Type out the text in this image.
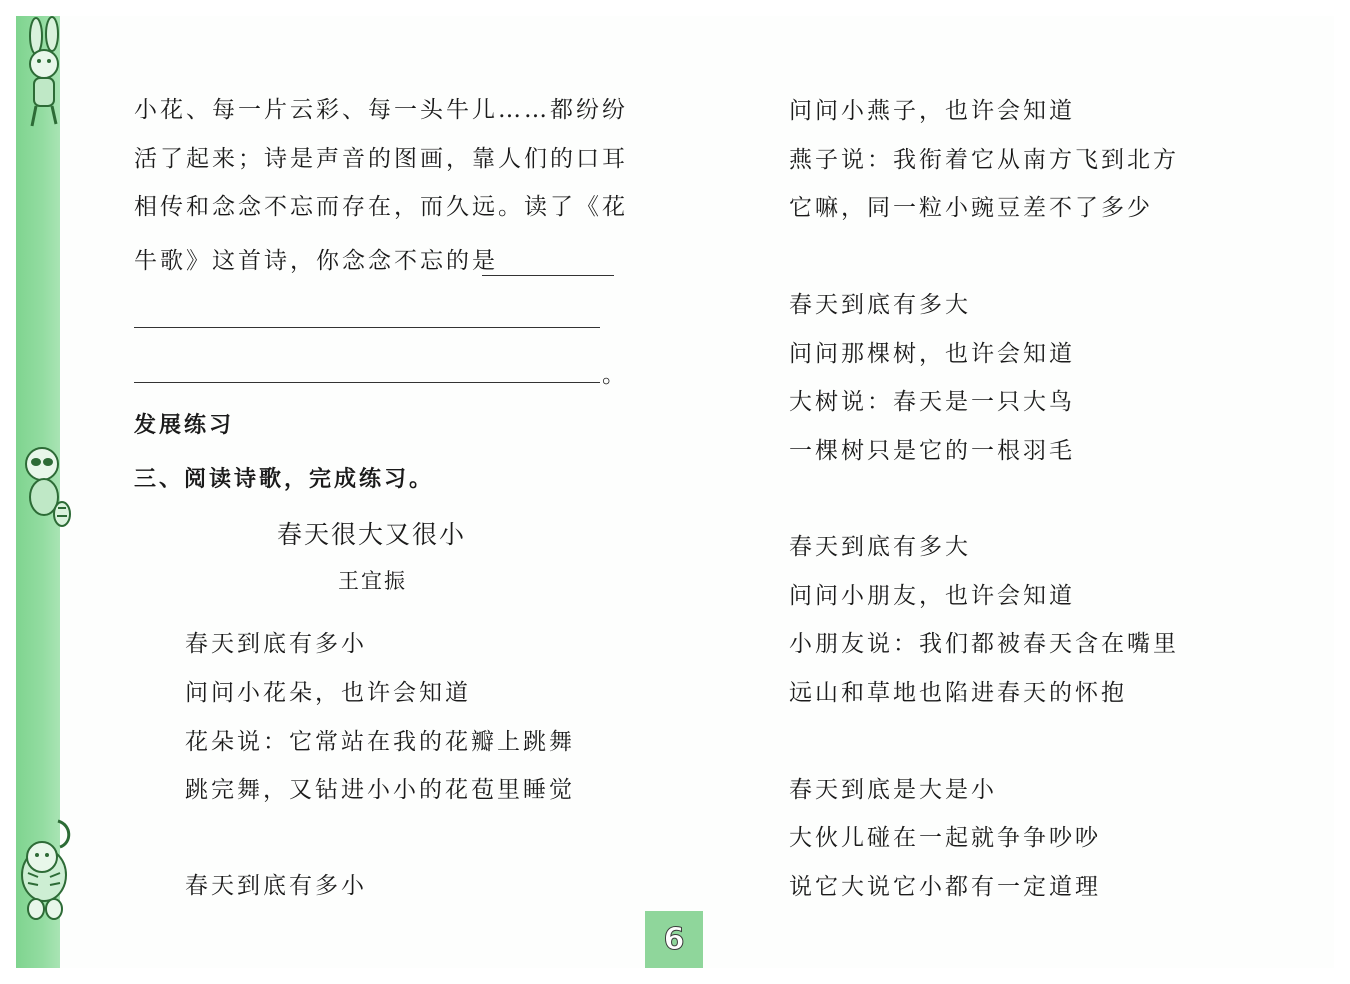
小花、每一片云彩、每一头牛儿……都纷纷
活了起来；诗是声音的图画，靠人们的口耳
相传和念念不忘而存在，而久远。读了《花
牛歌》这首诗，你念念不忘的是
。
发展练习
三、阅读诗歌，完成练习。
春天很大又很小
王宜振
春天到底有多小
问问小花朵，也许会知道
花朵说：它常站在我的花瓣上跳舞
跳完舞，又钻进小小的花苞里睡觉
春天到底有多小
问问小燕子，也许会知道
燕子说：我衔着它从南方飞到北方
它嘛，同一粒小豌豆差不了多少
春天到底有多大
问问那棵树，也许会知道
大树说：春天是一只大鸟
一棵树只是它的一根羽毛
春天到底有多大
问问小朋友，也许会知道
小朋友说：我们都被春天含在嘴里
远山和草地也陷进春天的怀抱
春天到底是大是小
大伙儿碰在一起就争争吵吵
说它大说它小都有一定道理
6
